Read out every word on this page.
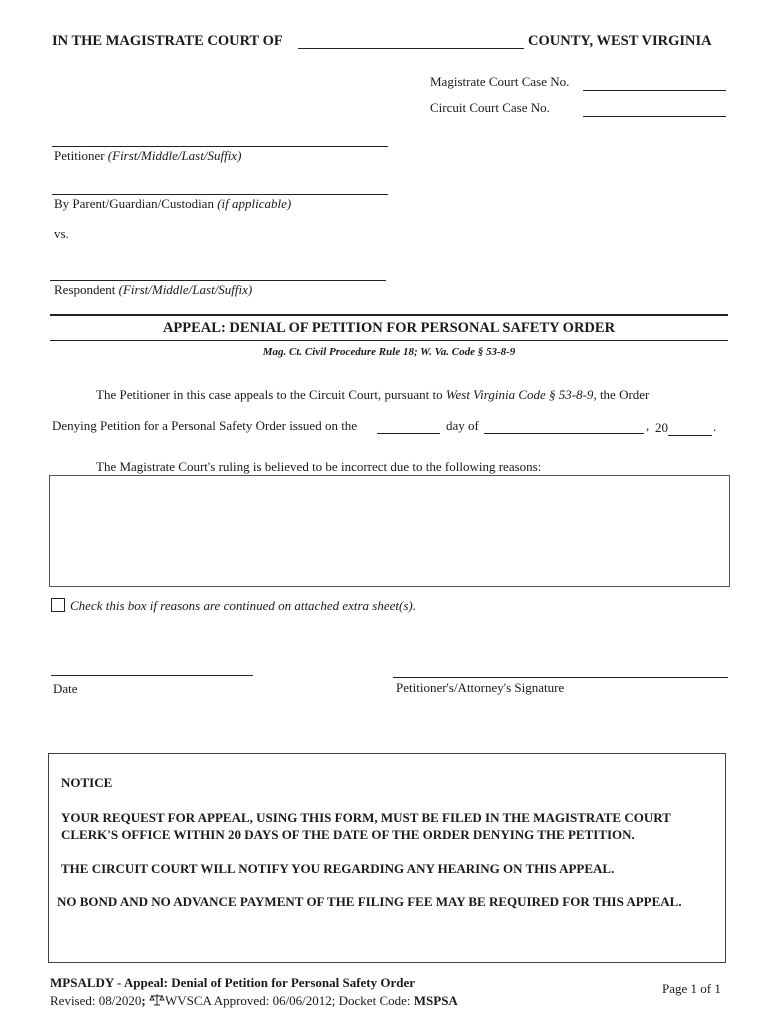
IN THE MAGISTRATE COURT OF	COUNTY, WEST VIRGINIA
Magistrate Court Case No.
Circuit Court Case No.
Petitioner (First/Middle/Last/Suffix)
By Parent/Guardian/Custodian (if applicable)
vs.
Respondent (First/Middle/Last/Suffix)
APPEAL: DENIAL OF PETITION FOR PERSONAL SAFETY ORDER
Mag. Ct. Civil Procedure Rule 18; W. Va. Code § 53-8-9
The Petitioner in this case appeals to the Circuit Court, pursuant to West Virginia Code § 53-8-9, the Order
Denying Petition for a Personal Safety Order issued on the	day of	, 20	.
The Magistrate Court's ruling is believed to be incorrect due to the following reasons:
Check this box if reasons are continued on attached extra sheet(s).
Date	Petitioner's/Attorney's Signature
NOTICE
YOUR REQUEST FOR APPEAL, USING THIS FORM, MUST BE FILED IN THE MAGISTRATE COURT CLERK'S OFFICE WITHIN 20 DAYS OF THE DATE OF THE ORDER DENYING THE PETITION.
THE CIRCUIT COURT WILL NOTIFY YOU REGARDING ANY HEARING ON THIS APPEAL.
NO BOND AND NO ADVANCE PAYMENT OF THE FILING FEE MAY BE REQUIRED FOR THIS APPEAL.
MPSALDY - Appeal: Denial of Petition for Personal Safety Order
Revised: 08/2020; WVSCA Approved: 06/06/2012; Docket Code: MSPSA
Page 1 of 1
